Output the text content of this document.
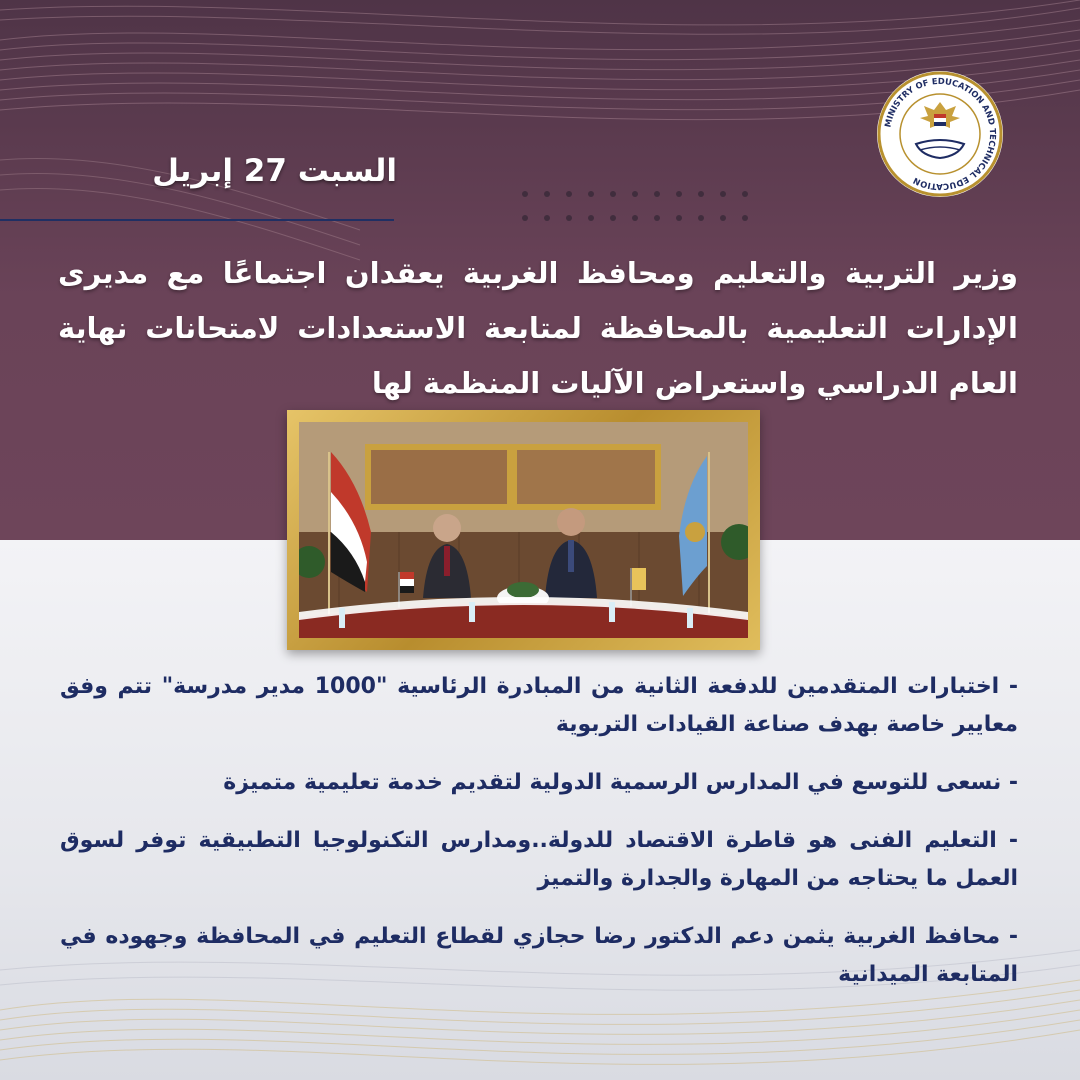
السبت 27 إبريل
وزير التربية والتعليم ومحافظ الغربية يعقدان اجتماعًا مع مديرى الإدارات التعليمية بالمحافظة لمتابعة الاستعدادات لامتحانات نهاية العام الدراسي واستعراض الآليات المنظمة لها
MINISTRY OF EDUCATION AND TECHNICAL EDUCATION
- اختبارات المتقدمين للدفعة الثانية من المبادرة الرئاسية "1000 مدير مدرسة" تتم وفق معايير خاصة بهدف صناعة القيادات التربوية
- نسعى للتوسع في المدارس الرسمية الدولية لتقديم خدمة تعليمية متميزة
- التعليم الفنى هو قاطرة الاقتصاد للدولة..ومدارس التكنولوجيا التطبيقية توفر لسوق العمل ما يحتاجه من المهارة والجدارة والتميز
- محافظ الغربية يثمن دعم الدكتور رضا حجازي لقطاع التعليم في المحافظة وجهوده في المتابعة الميدانية
